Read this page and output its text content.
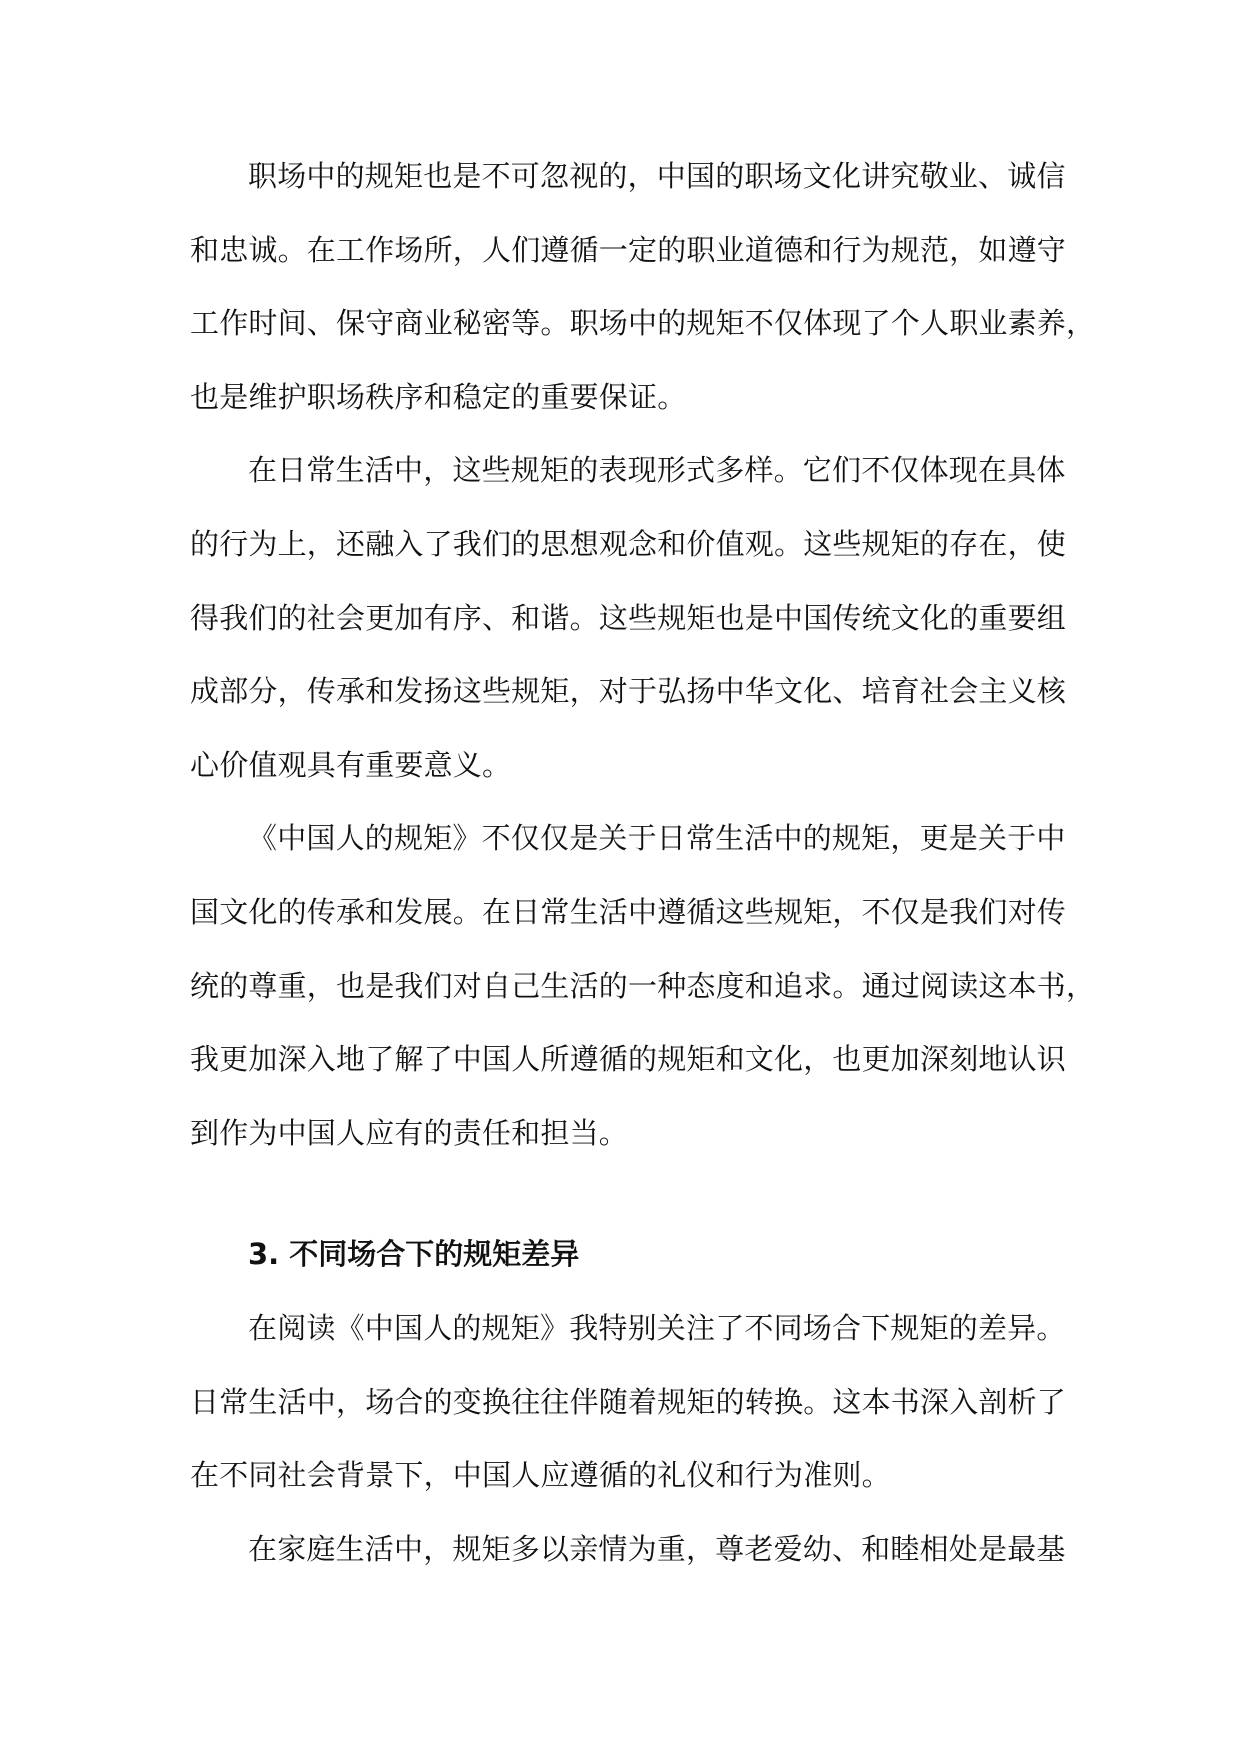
职场中的规矩也是不可忽视的，中国的职场文化讲究敬业、诚信
和忠诚。在工作场所，人们遵循一定的职业道德和行为规范，如遵守
工作时间、保守商业秘密等。职场中的规矩不仅体现了个人职业素养，
也是维护职场秩序和稳定的重要保证。
在日常生活中，这些规矩的表现形式多样。它们不仅体现在具体
的行为上，还融入了我们的思想观念和价值观。这些规矩的存在，使
得我们的社会更加有序、和谐。这些规矩也是中国传统文化的重要组
成部分，传承和发扬这些规矩，对于弘扬中华文化、培育社会主义核
心价值观具有重要意义。
《中国人的规矩》不仅仅是关于日常生活中的规矩，更是关于中
国文化的传承和发展。在日常生活中遵循这些规矩，不仅是我们对传
统的尊重，也是我们对自己生活的一种态度和追求。通过阅读这本书，
我更加深入地了解了中国人所遵循的规矩和文化，也更加深刻地认识
到作为中国人应有的责任和担当。
3. 不同场合下的规矩差异
在阅读《中国人的规矩》我特别关注了不同场合下规矩的差异。
日常生活中，场合的变换往往伴随着规矩的转换。这本书深入剖析了
在不同社会背景下，中国人应遵循的礼仪和行为准则。
在家庭生活中，规矩多以亲情为重，尊老爱幼、和睦相处是最基
